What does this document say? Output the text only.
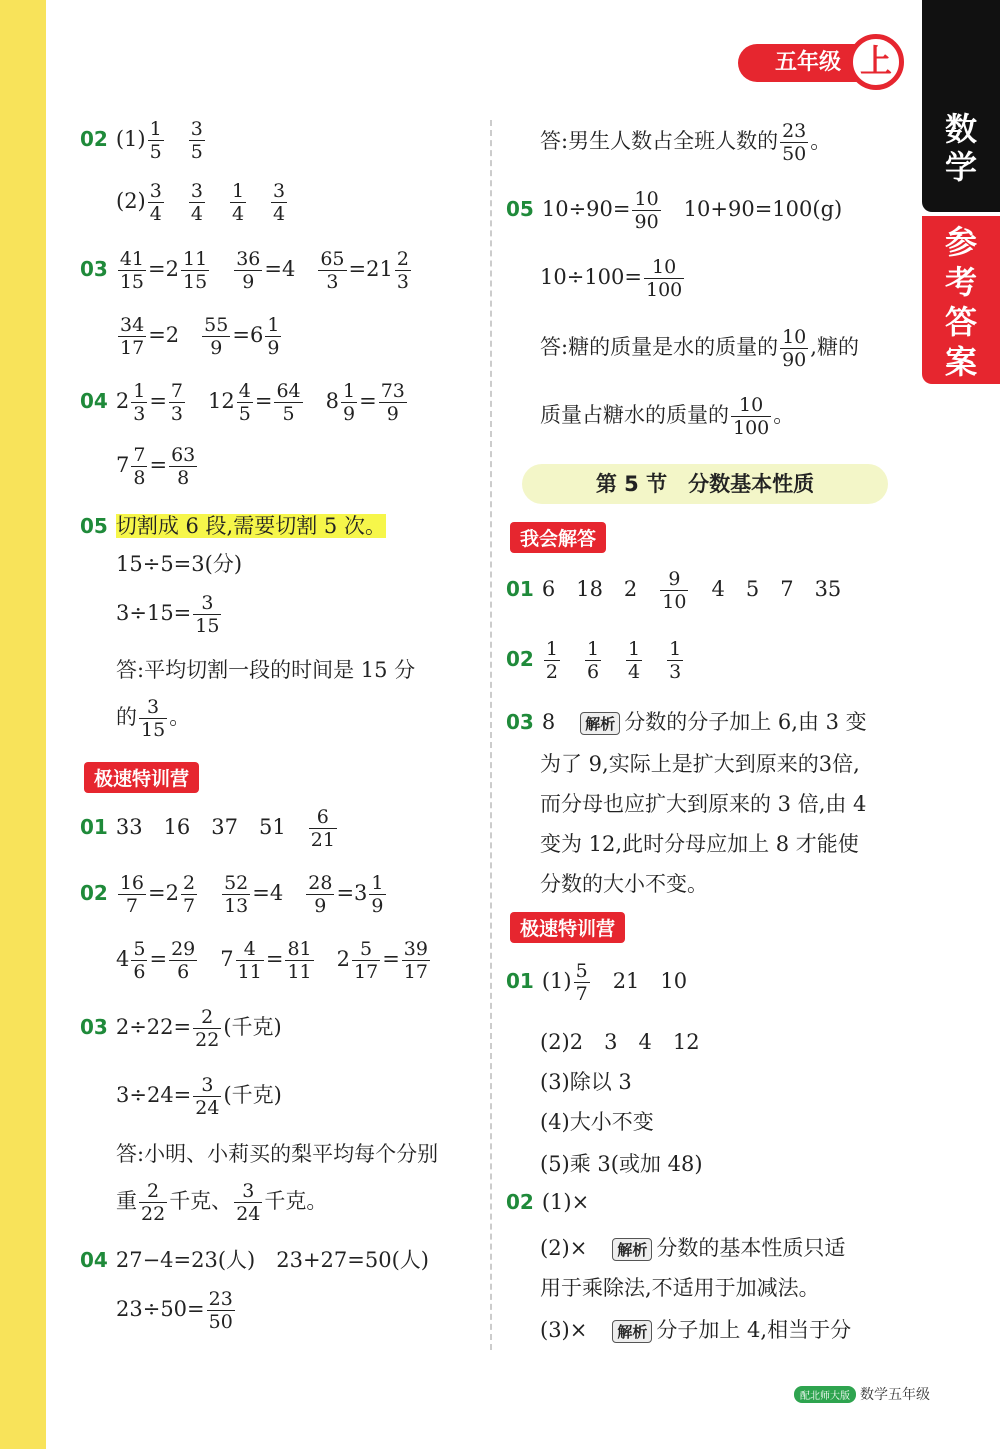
五年级 上
数学
参考答案
02 $(1) \frac{1}{5}$
　 $\frac{3}{5}$
$(2) \frac{3}{4}$
　 $\frac{3}{4}$
　 $\frac{1}{4}$
　 $\frac{3}{4}$
$03 \frac{41}{15} =2 \frac{11}{15}$
　 $\frac{36}{9} =4$　 $\frac{65}{3} =21 \frac{2}{3}$
$\frac{34}{17} =2$　 $\frac{55}{9} =6 \frac{1}{9}$
04 $2 \frac{1}{3} = \frac{7}{3}$ 　$12 \frac{4}{5} = \frac{64}{5}$ 　$8 \frac{1}{9} = \frac{73}{9}$
$7 \frac{7}{8} = \frac{63}{8}$
05 切割成 6 段,需要切割 5 次。
15÷5=3(分)
$3\div 15= \frac{3}{15}$
答:平均切割一段的时间是 15 分
的 $\frac{3}{15}$ 。
极速特训营
01 33　16　37　51　 $\frac{6}{21}$
$02 \frac{16}{7} =2 \frac{2}{7}$
　 $\frac{52}{13} =4$　 $\frac{28}{9} =3 \frac{1}{9}$
$4 \frac{5}{6} = \frac{29}{6}$ 　$7 \frac{4}{11} = \frac{81}{11}$ 　$2 \frac{5}{17} = \frac{39}{17}$
03 $2\div 22= \frac{2}{22}$ (千克)
$3\div 24= \frac{3}{24}$ (千克)
答:小明、小莉买的梨平均每个分别
重 $\frac{2}{22}$ 千克、 $\frac{3}{24}$ 千克。
04 27−4=23(人)　23+27=50(人)
$23\div 50= \frac{23}{50}$
答:男生人数占全班人数的 $\frac{23}{50}$ 。
05 $10\div 90= \frac{10}{90}$
　 10+90=100(g)
$10\div 100= \frac{10}{100}$
答:糖的质量是水的质量的 $\frac{10}{90}$ ,糖的
质量占糖水的质量的 $\frac{10}{100}$ 。
第 5 节　分数基本性质
我会解答
01 6　18　2　 $\frac{9}{10}$
　 4　5　7　35
$02 \frac{1}{2}$
　 $\frac{1}{6}$
　 $\frac{1}{4}$
　 $\frac{1}{3}$
03 8　 解析 分数的分子加上 6,由 3 变
为了 9,实际上是扩大到原来的3倍,
而分母也应扩大到原来的 3 倍,由 4
变为 12,此时分母应加上 8 才能使
分数的大小不变。
极速特训营
01 $(1) \frac{5}{7}$
　 21　10
(2)2　3　4　12
(3)除以 3
(4)大小不变
(5)乘 3(或加 48)
02 (1)×
(2)×　 解析 分数的基本性质只适
用于乘除法,不适用于加减法。
(3)×　 解析 分子加上 4,相当于分
配北师大版 数学五年级
